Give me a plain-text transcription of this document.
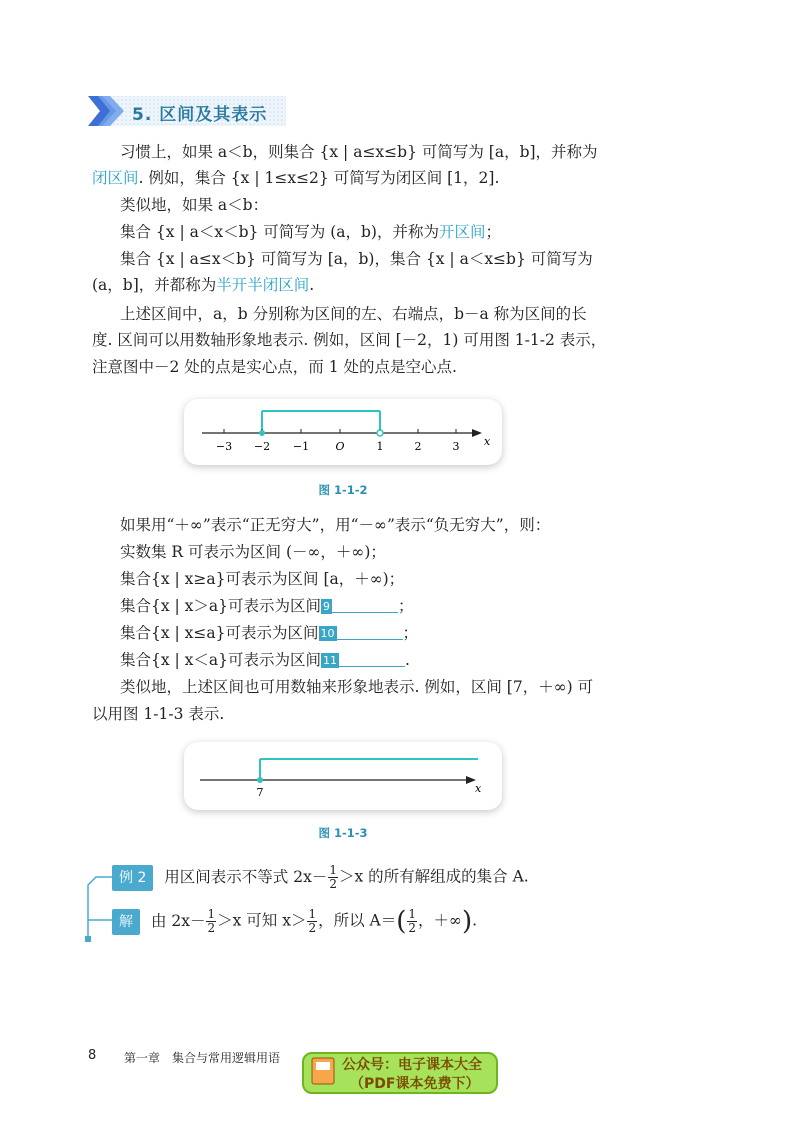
5. 区间及其表示
习惯上，如果 a＜b，则集合 {x | a≤x≤b} 可简写为 [a，b]，并称为
闭区间. 例如，集合 {x | 1≤x≤2} 可简写为闭区间 [1，2].
类似地，如果 a＜b：
集合 {x | a＜x＜b} 可简写为 (a，b)，并称为开区间；
集合 {x | a≤x＜b} 可简写为 [a，b)，集合 {x | a＜x≤b} 可简写为
(a，b]，并都称为半开半闭区间.
上述区间中，a，b 分别称为区间的左、右端点，b－a 称为区间的长
度. 区间可以用数轴形象地表示. 例如，区间 [－2，1) 可用图 1-1-2 表示，
注意图中－2 处的点是实心点，而 1 处的点是空心点.
−3 −2 −1 O	1	2	3 x
图 1-1-2
如果用“＋∞”表示“正无穷大”，用“－∞”表示“负无穷大”，则：
实数集 R 可表示为区间 (－∞，＋∞)；
集合{x | x≥a}可表示为区间 [a，＋∞)；
集合{x | x＞a}可表示为区间 9	；
集合{x | x≤a}可表示为区间 10	；
集合{x | x＜a}可表示为区间 11	.
类似地，上述区间也可用数轴来形象地表示. 例如，区间 [7，＋∞) 可
以用图 1-1-3 表示.
7	x
图 1-1-3
例 2 用区间表示不等式 $2x- \frac{1}{2} >x$ 的所有解组成的集合 A.
解 由 $2x- \frac{1}{2} >x$ 可知 $x> \frac{1}{2}$ ，所以 $A=( \frac{1}{2}$ ，＋∞).
8 第一章　集合与常用逻辑用语	公众号：电子课本大全
（PDF课本免费下）
